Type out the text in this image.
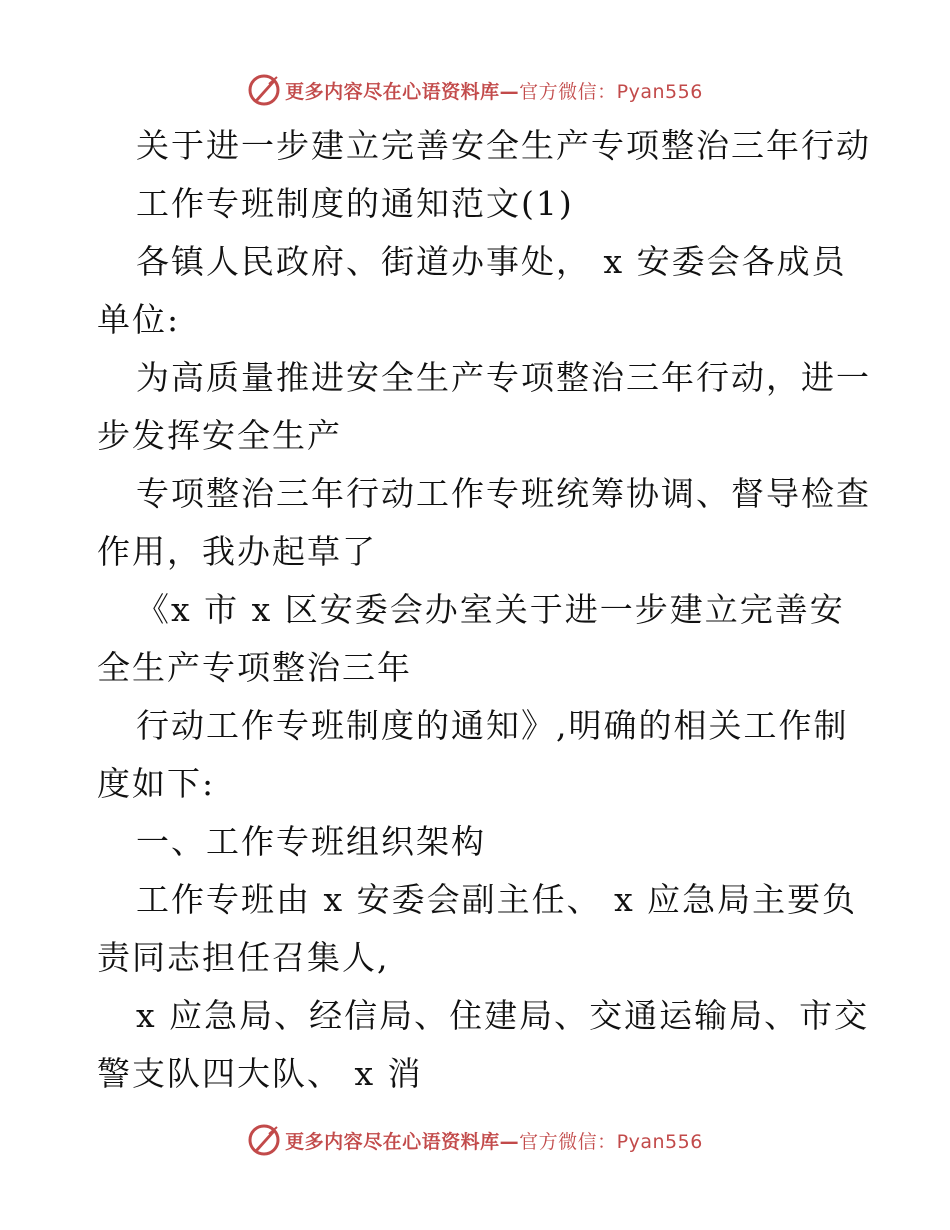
更多内容尽在心语资料库—官方微信：Pyan556
关于进一步建立完善安全生产专项整治三年行动
工作专班制度的通知范文(1)
各镇人民政府、街道办事处， x 安委会各成员
单位:
为高质量推进安全生产专项整治三年行动，进一
步发挥安全生产
专项整治三年行动工作专班统筹协调、督导检查
作用，我办起草了
《x 市 x 区安委会办室关于进一步建立完善安
全生产专项整治三年
行动工作专班制度的通知》,明确的相关工作制
度如下:
一、工作专班组织架构
工作专班由 x 安委会副主任、 x 应急局主要负
责同志担任召集人,
x 应急局、经信局、住建局、交通运输局、市交
警支队四大队、 x 消
更多内容尽在心语资料库—官方微信：Pyan556
